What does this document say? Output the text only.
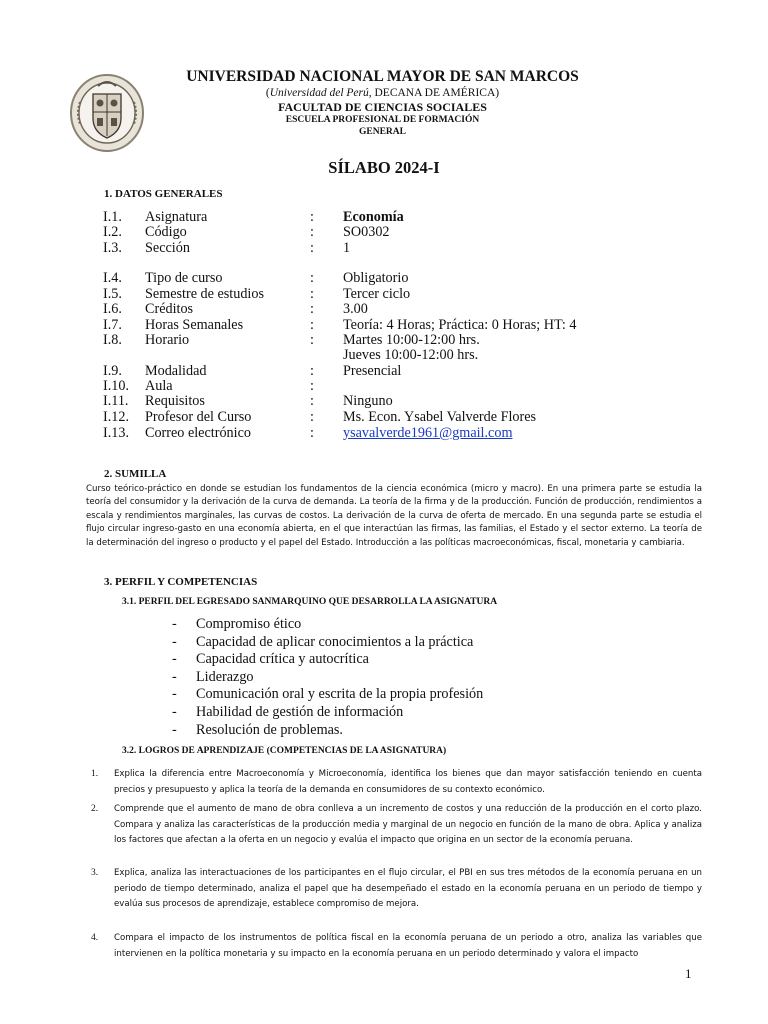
UNIVERSIDAD NACIONAL MAYOR DE SAN MARCOS
(Universidad del Perú, DECANA DE AMÉRICA)
FACULTAD DE CIENCIAS SOCIALES
ESCUELA PROFESIONAL DE FORMACIÓN
GENERAL
SÍLABO 2024-I
1. DATOS GENERALES
I.1. Asignatura	: Economía
I.2. Código	: SO0302
I.3. Sección	: 1
I.4. Tipo de curso	: Obligatorio
I.5. Semestre de estudios	: Tercer ciclo
I.6. Créditos	: 3.00
I.7. Horas Semanales	: Teoría: 4 Horas; Práctica: 0 Horas; HT: 4
I.8. Horario	: Martes 10:00-12:00 hrs.
Jueves 10:00-12:00 hrs.
I.9. Modalidad	: Presencial
I.10. Aula	:
I.11. Requisitos	: Ninguno
I.12. Profesor del Curso	: Ms. Econ. Ysabel Valverde Flores
I.13. Correo electrónico	: ysavalverde1961@gmail.com
2. SUMILLA
Curso teórico-práctico en donde se estudian los fundamentos de la ciencia económica (micro y macro). En una primera parte se estudia la teoría del consumidor y la derivación de la curva de demanda. La teoría de la firma y de la producción. Función de producción, rendimientos a escala y rendimientos marginales, las curvas de costos. La derivación de la curva de oferta de mercado. En una segunda parte se estudia el flujo circular ingreso-gasto en una economía abierta, en el que interactúan las firmas, las familias, el Estado y el sector externo. La teoría de la determinación del ingreso o producto y el papel del Estado. Introducción a las políticas macroeconómicas, fiscal, monetaria y cambiaria.
3. PERFIL Y COMPETENCIAS
3.1. PERFIL DEL EGRESADO SANMARQUINO QUE DESARROLLA LA ASIGNATURA
- Compromiso ético
- Capacidad de aplicar conocimientos a la práctica
- Capacidad crítica y autocrítica
- Liderazgo
- Comunicación oral y escrita de la propia profesión
- Habilidad de gestión de información
- Resolución de problemas.
3.2. LOGROS DE APRENDIZAJE (COMPETENCIAS DE LA ASIGNATURA)
1. Explica la diferencia entre Macroeconomía y Microeconomía, identifica los bienes que dan mayor satisfacción teniendo en cuenta precios y presupuesto y aplica la teoría de la demanda en consumidores de su contexto económico.
2. Comprende que el aumento de mano de obra conlleva a un incremento de costos y una reducción de la producción en el corto plazo. Compara y analiza las características de la producción media y marginal de un negocio en función de la mano de obra. Aplica y analiza los factores que afectan a la oferta en un negocio y evalúa el impacto que origina en un sector de la economía peruana.
3. Explica, analiza las interactuaciones de los participantes en el flujo circular, el PBI en sus tres métodos de la economía peruana en un periodo de tiempo determinado, analiza el papel que ha desempeñado el estado en la economía peruana en un periodo de tiempo y evalúa sus procesos de aprendizaje, establece compromiso de mejora.
4. Compara el impacto de los instrumentos de política fiscal en la economía peruana de un periodo a otro, analiza las variables que intervienen en la política monetaria y su impacto en la economía peruana en un periodo determinado y valora el impacto
1
